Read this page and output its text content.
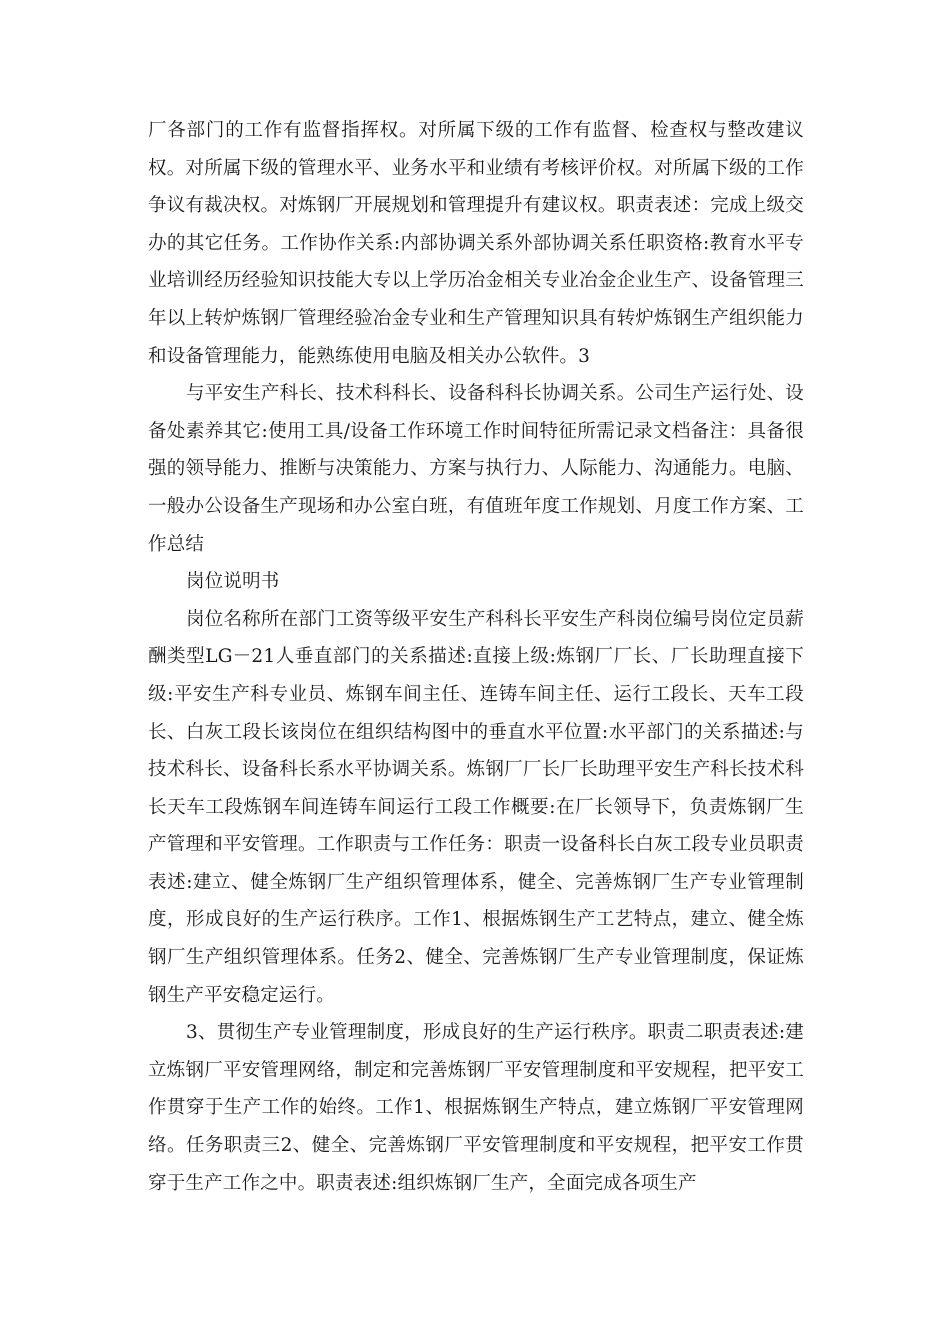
厂各部门的工作有监督指挥权。对所属下级的工作有监督、检查权与整改建议权。对所属下级的管理水平、业务水平和业绩有考核评价权。对所属下级的工作争议有裁决权。对炼钢厂开展规划和管理提升有建议权。职责表述：完成上级交办的其它任务。工作协作关系:内部协调关系外部协调关系任职资格:教育水平专业培训经历经验知识技能大专以上学历冶金相关专业冶金企业生产、设备管理三年以上转炉炼钢厂管理经验冶金专业和生产管理知识具有转炉炼钢生产组织能力和设备管理能力，能熟练使用电脑及相关办公软件。3

与平安生产科长、技术科科长、设备科科长协调关系。公司生产运行处、设备处素养其它:使用工具/设备工作环境工作时间特征所需记录文档备注：具备很强的领导能力、推断与决策能力、方案与执行力、人际能力、沟通能力。电脑、一般办公设备生产现场和办公室白班，有值班年度工作规划、月度工作方案、工作总结

岗位说明书

岗位名称所在部门工资等级平安生产科科长平安生产科岗位编号岗位定员薪酬类型LG－21人垂直部门的关系描述:直接上级:炼钢厂厂长、厂长助理直接下级:平安生产科专业员、炼钢车间主任、连铸车间主任、运行工段长、天车工段长、白灰工段长该岗位在组织结构图中的垂直水平位置:水平部门的关系描述:与技术科长、设备科长系水平协调关系。炼钢厂厂长厂长助理平安生产科长技术科长天车工段炼钢车间连铸车间运行工段工作概要:在厂长领导下，负责炼钢厂生产管理和平安管理。工作职责与工作任务：职责一设备科长白灰工段专业员职责表述:建立、健全炼钢厂生产组织管理体系，健全、完善炼钢厂生产专业管理制度，形成良好的生产运行秩序。工作1、根据炼钢生产工艺特点，建立、健全炼钢厂生产组织管理体系。任务2、健全、完善炼钢厂生产专业管理制度，保证炼钢生产平安稳定运行。

3、贯彻生产专业管理制度，形成良好的生产运行秩序。职责二职责表述:建立炼钢厂平安管理网络，制定和完善炼钢厂平安管理制度和平安规程，把平安工作贯穿于生产工作的始终。工作1、根据炼钢生产特点，建立炼钢厂平安管理网络。任务职责三2、健全、完善炼钢厂平安管理制度和平安规程，把平安工作贯穿于生产工作之中。职责表述:组织炼钢厂生产，全面完成各项生产
